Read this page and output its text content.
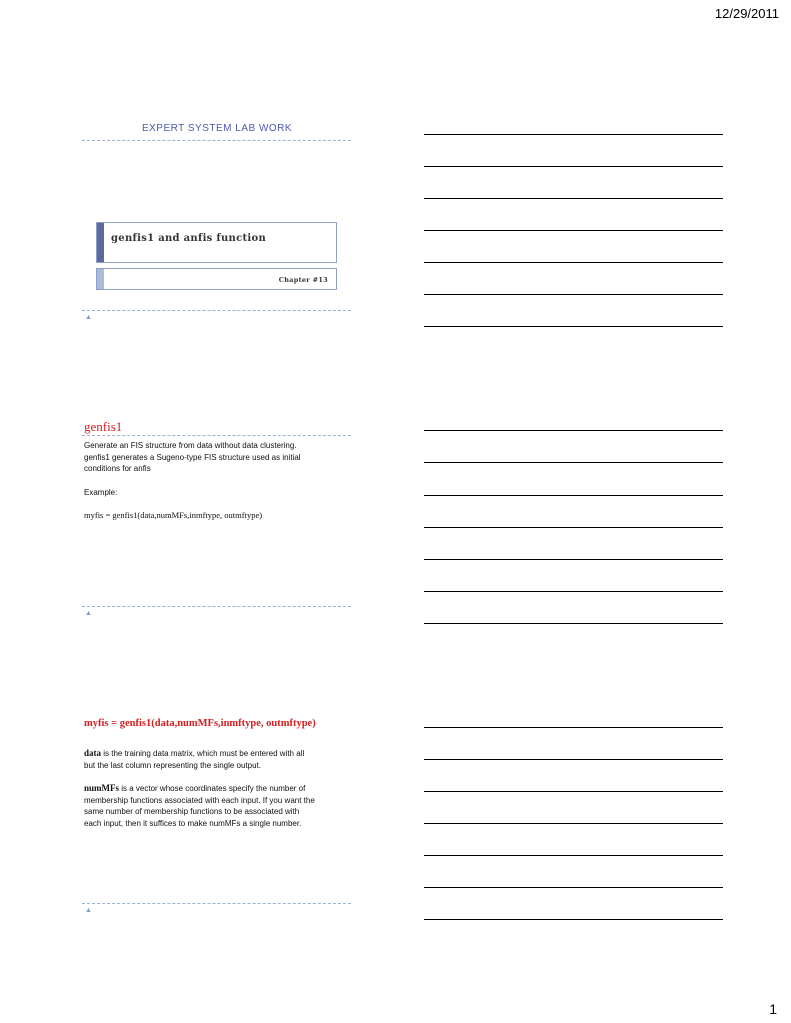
12/29/2011
EXPERT SYSTEM LAB WORK
genfis1 and anfis function
Chapter #13
▲
genfis1
Generate an FIS structure from data without data clustering.
genfis1 generates a Sugeno-type FIS structure used as initial
conditions for anfis
Example:
myfis = genfis1(data,numMFs,inmftype, outmftype)
▲
myfis = genfis1(data,numMFs,inmftype, outmftype)
data is the training data matrix, which must be entered with all
but the last column representing the single output.
numMFs is a vector whose coordinates specify the number of
membership functions associated with each input. If you want the
same number of membership functions to be associated with
each input, then it suffices to make numMFs a single number.
▲
1
